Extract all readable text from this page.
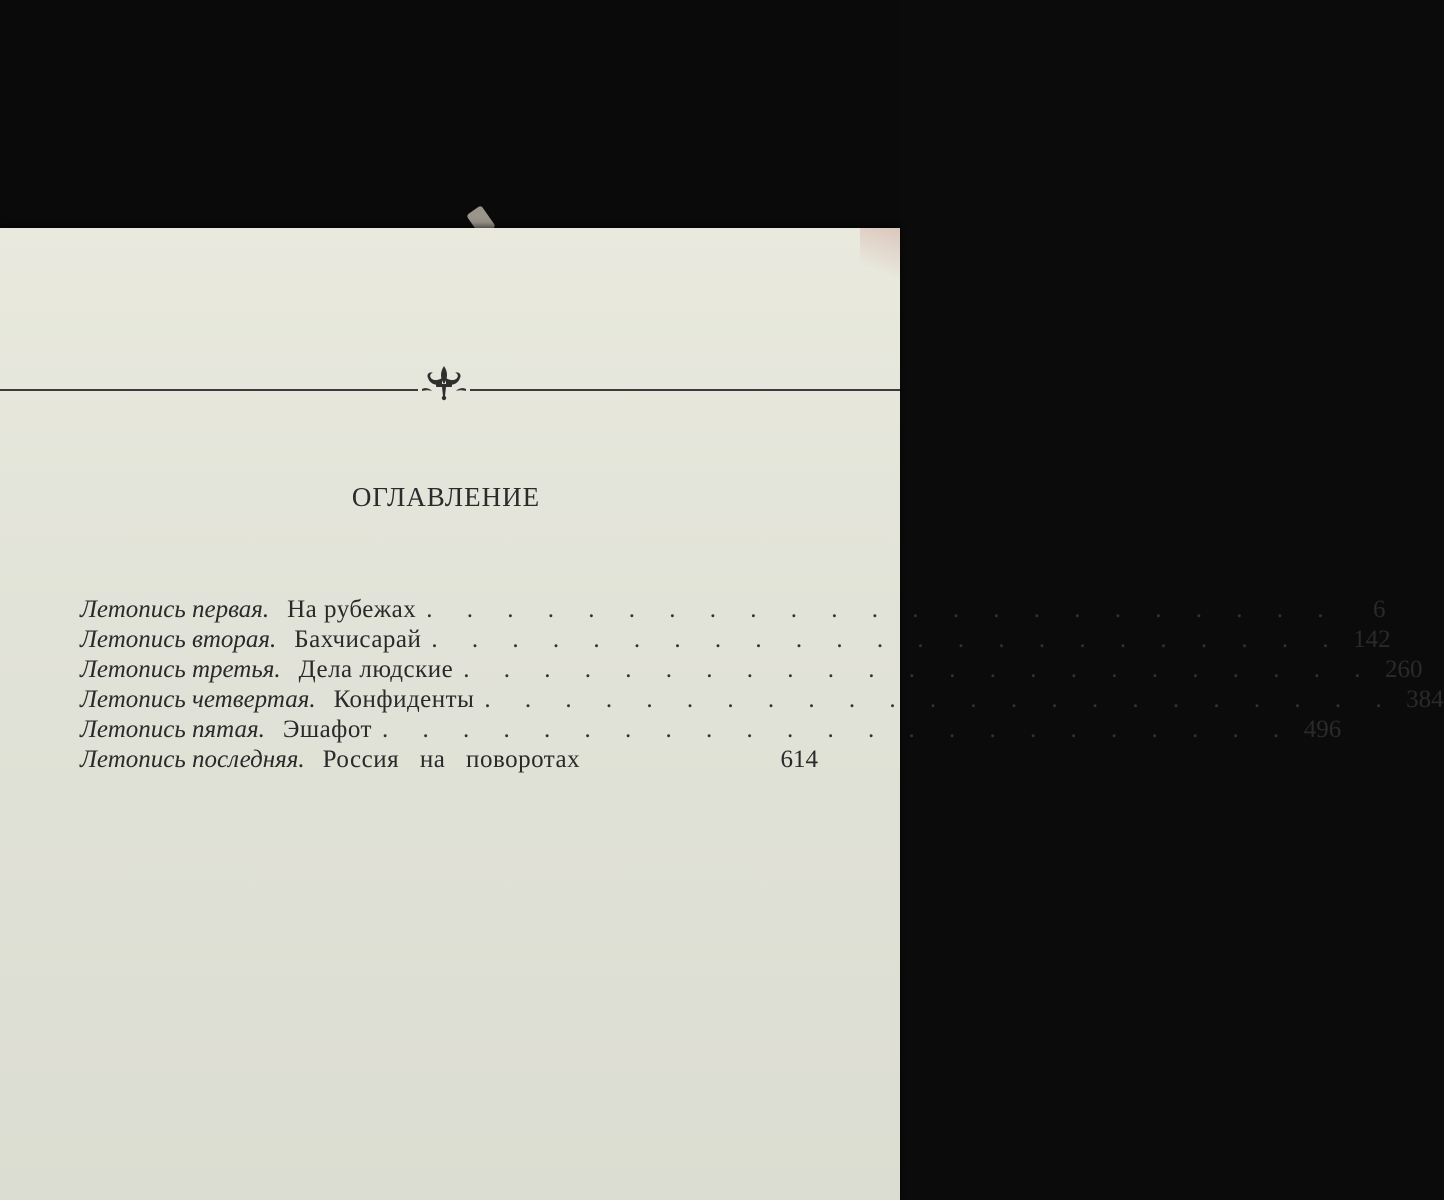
ОГЛАВЛЕНИЕ
Летопись первая. На рубежах . . . . . . . . . . . . . . . . . . . . . . .	6
Летопись вторая. Бахчисарай . . . . . . . . . . . . . . . . . . . . . . . 142
Летопись третья. Дела людские . . . . . . . . . . . . . . . . . . . . . . . 260
Летопись четвертая. Конфиденты . . . . . . . . . . . . . . . . . . . . . . . 384
Летопись пятая. Эшафот . . . . . . . . . . . . . . . . . . . . . . . 496
Летопись последняя. Россия на поворотах	614
